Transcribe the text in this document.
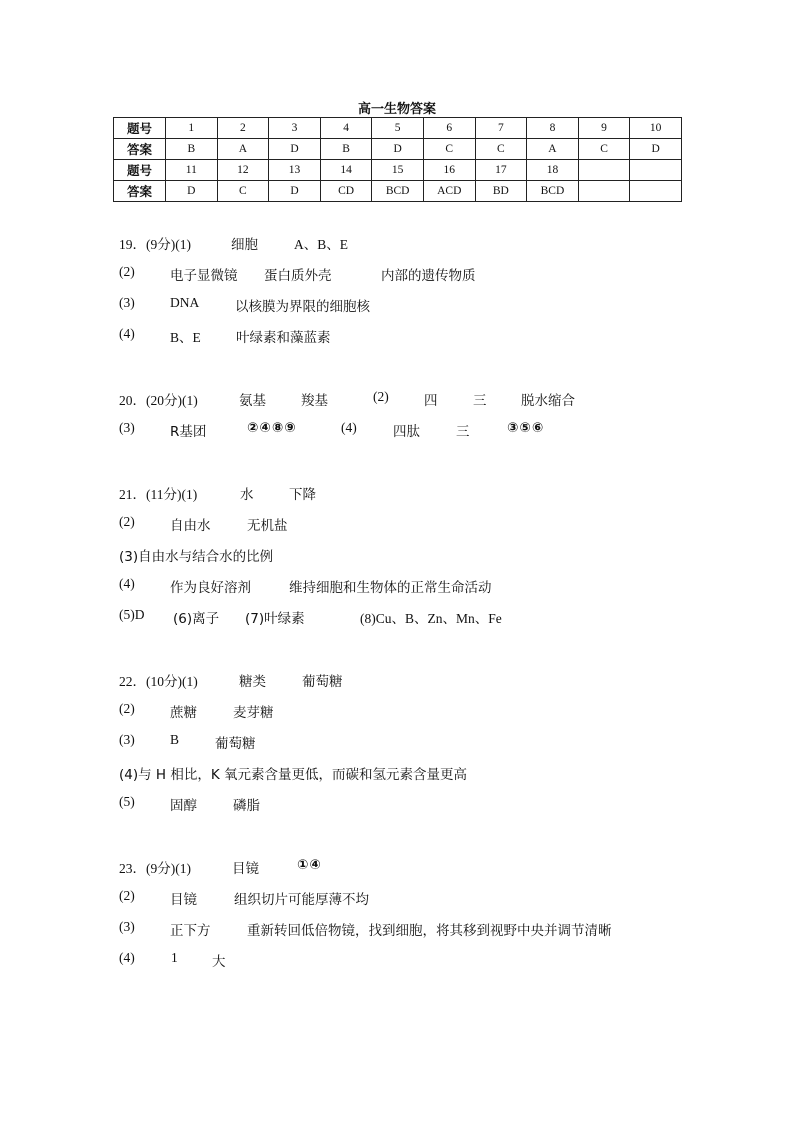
高一生物答案
题号	1	2	3	4	5	6	7	8	9	10
答案	B	A	D	B	D	C	C	A	C	D
题号	11	12	13	14	15	16	17	18		
答案	D	C	D	CD	BCD	ACD	BD	BCD		
19．(9分)(1)	细胞	A、B、E
(2)	电子显微镜 蛋白质外壳	内部的遗传物质
(3)	DNA	以核膜为界限的细胞核
(4)	B、E	叶绿素和藻蓝素
20．(20分)(1)	氨基	羧基	(2)	四	三	脱水缩合
(3)	R基团	②④⑧⑨	(4)	四肽	三	③⑤⑥
21．(11分)(1)	水	下降
(2)	自由水	无机盐
(3)自由水与结合水的比例
(4)	作为良好溶剂	维持细胞和生物体的正常生命活动
(5)D (6)离子 (7)叶绿素	(8)Cu、B、Zn、Mn、Fe
22．(10分)(1)	糖类	葡萄糖
(2)	蔗糖	麦芽糖
(3)	B	葡萄糖
(4)与 H 相比，K 氧元素含量更低，而碳和氢元素含量更高
(5)	固醇	磷脂
23．(9分)(1)	目镜	①④
(2)	目镜	组织切片可能厚薄不均
(3)	正下方	重新转回低倍物镜，找到细胞，将其移到视野中央并调节清晰
(4)	1	大
